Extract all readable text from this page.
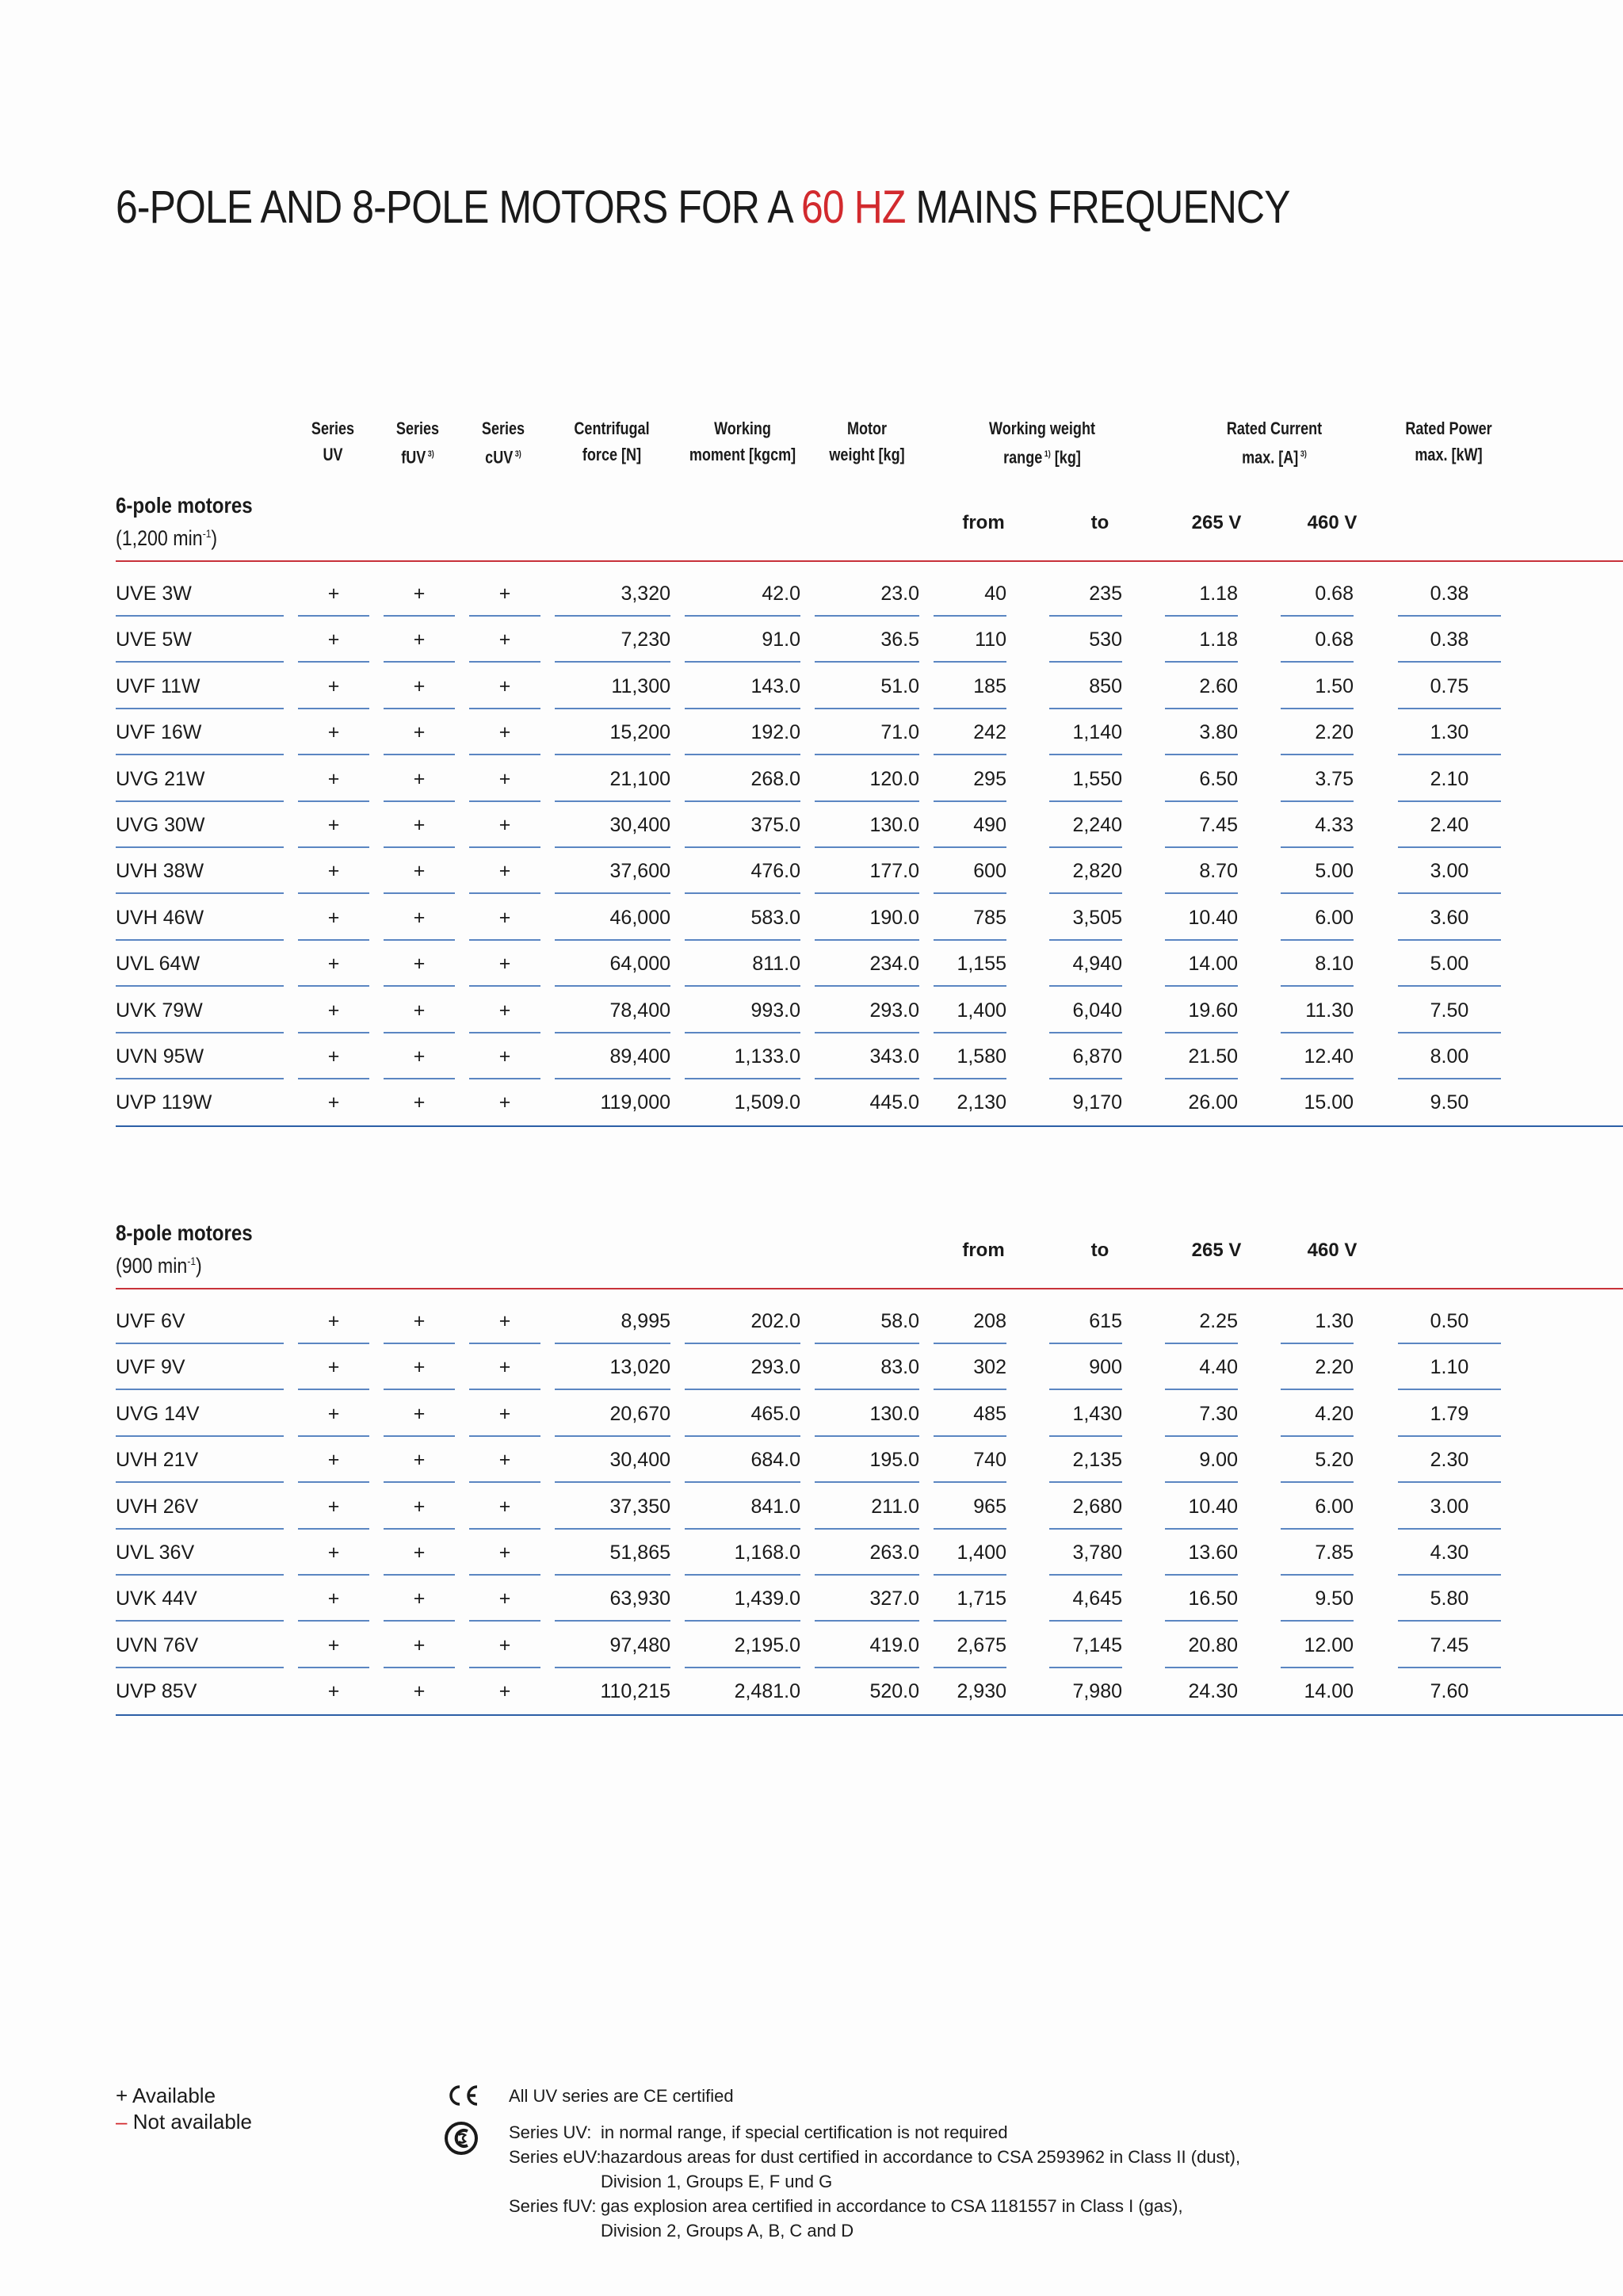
6-POLE AND 8-POLE MOTORS FOR A 60 HZ MAINS FREQUENCY
Series
UV
Series
fUV $^{3)}$
Series
cUV $^{3)}$
Centrifugal
force [N]
Working
moment [kgcm]
Motor
weight [kg]
Working weight
range $^{1)}$ [kg]
Rated Current
max. [A] $^{3)}$
Rated Power
max. [kW]
6-pole motores
(1,200 $\min^{-1}$)
from	to	265 V	460 V
UVE 3W	+	+	+	3,320	42.0	23.0	40	235	1.18	0.68	0.38
UVE 5W	+	+	+	7,230	91.0	36.5	110	530	1.18	0.68	0.38
UVF 11W	+	+	+	11,300	143.0	51.0	185	850	2.60	1.50	0.75
UVF 16W	+	+	+	15,200	192.0	71.0	242	1,140	3.80	2.20	1.30
UVG 21W	+	+	+	21,100	268.0	120.0	295	1,550	6.50	3.75	2.10
UVG 30W	+	+	+	30,400	375.0	130.0	490	2,240	7.45	4.33	2.40
UVH 38W	+	+	+	37,600	476.0	177.0	600	2,820	8.70	5.00	3.00
UVH 46W	+	+	+	46,000	583.0	190.0	785	3,505	10.40	6.00	3.60
UVL 64W	+	+	+	64,000	811.0	234.0	1,155	4,940	14.00	8.10	5.00
UVK 79W	+	+	+	78,400	993.0	293.0	1,400	6,040	19.60	11.30	7.50
UVN 95W	+	+	+	89,400	1,133.0	343.0	1,580	6,870	21.50	12.40	8.00
UVP 119W	+	+	+	119,000	1,509.0	445.0	2,130	9,170	26.00	15.00	9.50
8-pole motores
(900 $\min^{-1}$)
from	to	265 V	460 V
UVF 6V	+	+	+	8,995	202.0	58.0	208	615	2.25	1.30	0.50
UVF 9V	+	+	+	13,020	293.0	83.0	302	900	4.40	2.20	1.10
UVG 14V	+	+	+	20,670	465.0	130.0	485	1,430	7.30	4.20	1.79
UVH 21V	+	+	+	30,400	684.0	195.0	740	2,135	9.00	5.20	2.30
UVH 26V	+	+	+	37,350	841.0	211.0	965	2,680	10.40	6.00	3.00
UVL 36V	+	+	+	51,865	1,168.0	263.0	1,400	3,780	13.60	7.85	4.30
UVK 44V	+	+	+	63,930	1,439.0	327.0	1,715	4,645	16.50	9.50	5.80
UVN 76V	+	+	+	97,480	2,195.0	419.0	2,675	7,145	20.80	12.00	7.45
UVP 85V	+	+	+	110,215	2,481.0	520.0	2,930	7,980	24.30	14.00	7.60
+ Available
– Not available
All UV series are CE certified
Series UV: in normal range, if special certification is not required
Series eUV: hazardous areas for dust certified in accordance to CSA 2593962 in Class II (dust),
Division 1, Groups E, F und G
Series fUV: gas explosion area certified in accordance to CSA 1181557 in Class I (gas),
Division 2, Groups A, B, C and D
